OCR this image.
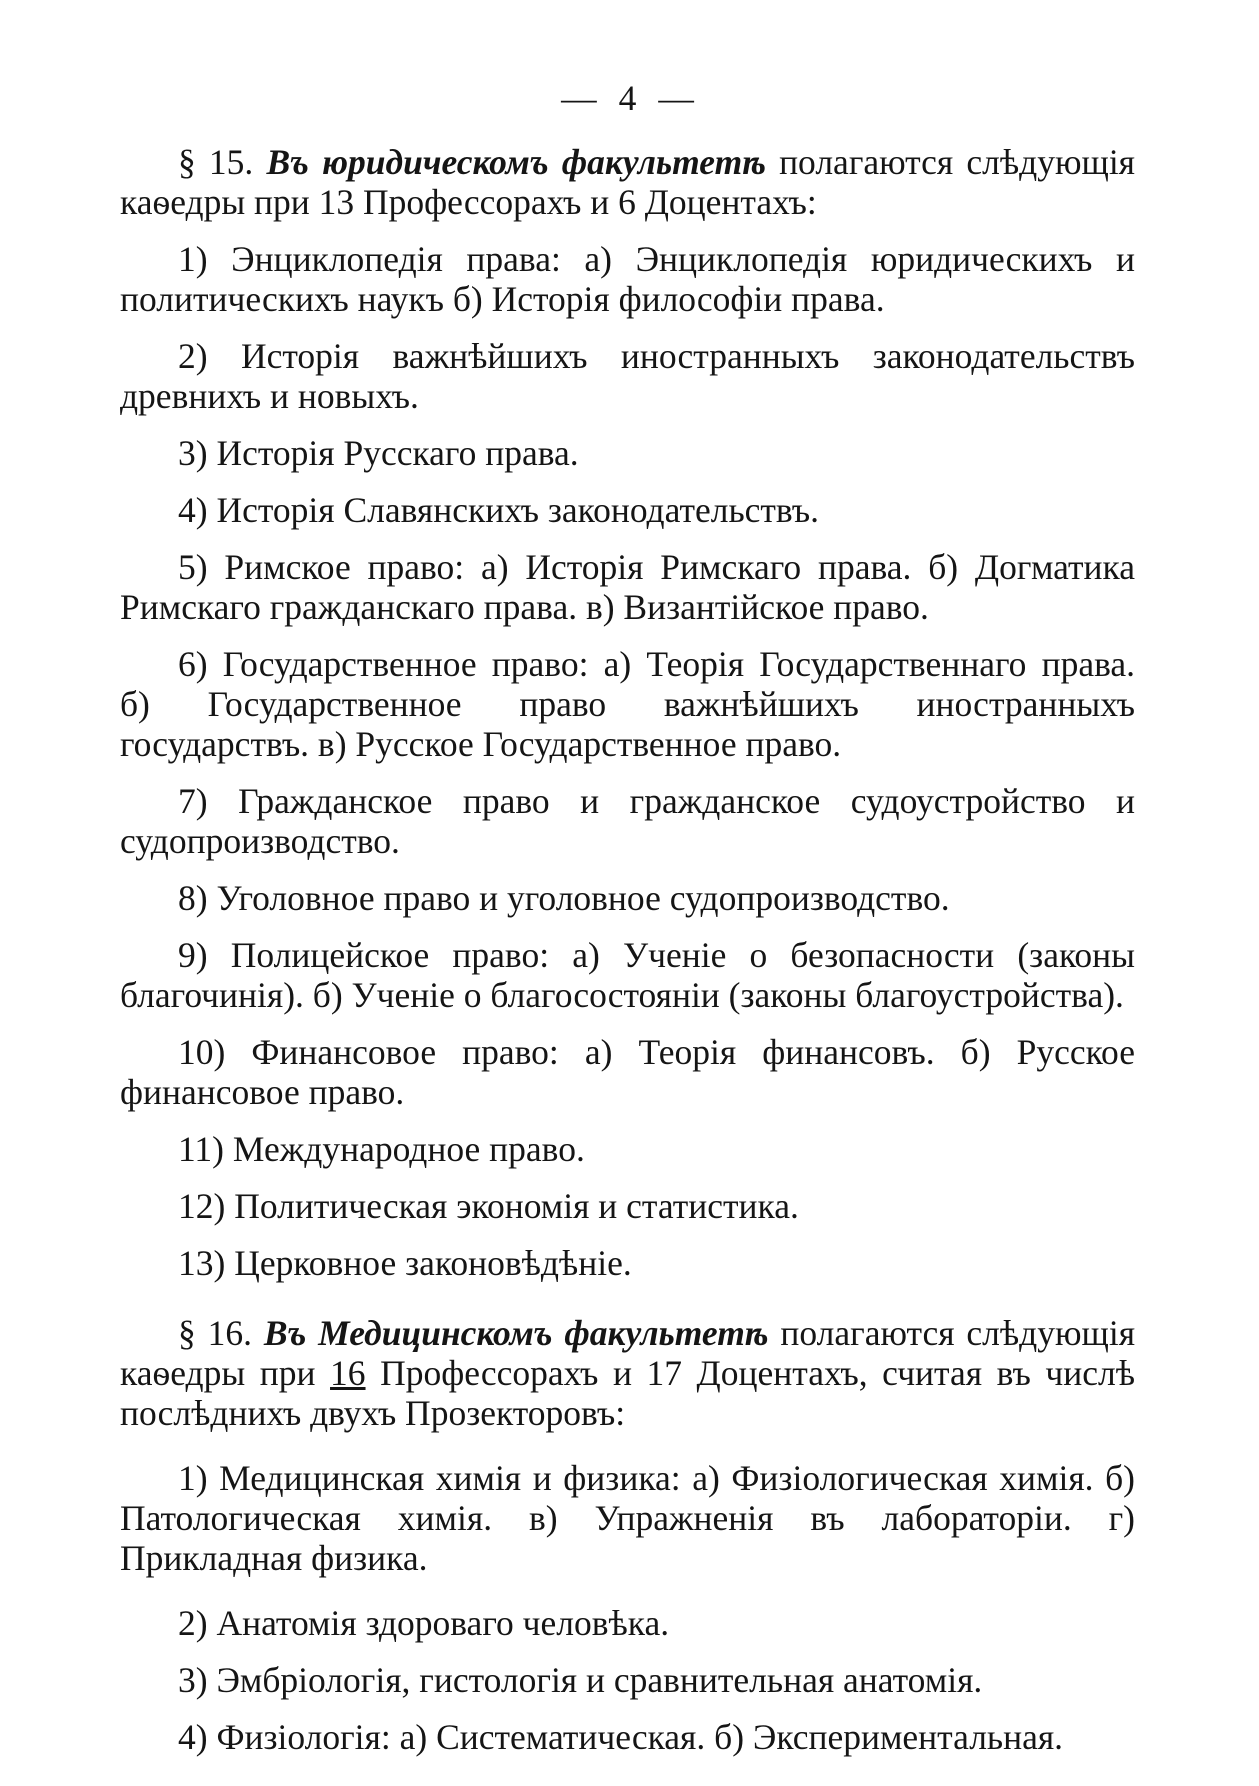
— 4 —

§ 15. Въ юридическомъ факультетѣ полагаются слѣдующія каѳедры при 13 Профессорахъ и 6 Доцентахъ:

1) Энциклопедія права: а) Энциклопедія юридическихъ и политическихъ наукъ б) Исторія философіи права.

2) Исторія важнѣйшихъ иностранныхъ законодательствъ древнихъ и новыхъ.

3) Исторія Русскаго права.

4) Исторія Славянскихъ законодательствъ.

5) Римское право: а) Исторія Римскаго права. б) Догматика Римскаго гражданскаго права. в) Византійское право.

6) Государственное право: а) Теорія Государственнаго права. б) Государственное право важнѣйшихъ иностранныхъ государствъ. в) Русское Государственное право.

7) Гражданское право и гражданское судоустройство и судопроизводство.

8) Уголовное право и уголовное судопроизводство.

9) Полицейское право: а) Ученіе о безопасности (законы благочинія). б) Ученіе о благосостояніи (законы благоустройства).

10) Финансовое право: а) Теорія финансовъ. б) Русское финансовое право.

11) Международное право.

12) Политическая экономія и статистика.

13) Церковное законовѣдѣніе.

§ 16. Въ Медицинскомъ факультетѣ полагаются слѣдующія каѳедры при 16 Профессорахъ и 17 Доцентахъ, считая въ числѣ послѣднихъ двухъ Прозекторовъ:

1) Медицинская химія и физика: а) Физіологическая химія. б) Патологическая химія. в) Упражненія въ лабораторіи. г) Прикладная физика.

2) Анатомія здороваго человѣка.

3) Эмбріологія, гистологія и сравнительная анатомія.

4) Физіологія: а) Систематическая. б) Экспериментальная.
